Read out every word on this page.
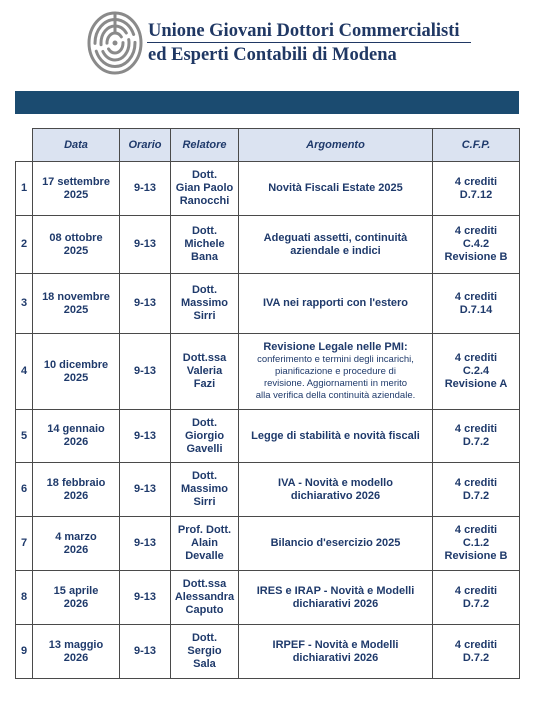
Unione Giovani Dottori Commercialisti
ed Esperti Contabili di Modena
	Data	Orario	Relatore	Argomento	C.F.P.
1	17 settembre
2025	9-13	Dott.
Gian Paolo
Ranocchi	Novità Fiscali Estate 2025	4 crediti
D.7.12

2	08 ottobre
2025	9-13	Dott.
Michele
Bana	Adeguati assetti, continuità
aziendale e indici	4 crediti
C.4.2
Revisione B

3	18 novembre
2025	9-13	Dott.
Massimo
Sirri	IVA nei rapporti con l'estero	4 crediti
D.7.14

4	10 dicembre
2025	9-13	Dott.ssa
Valeria
Fazi	Revisione Legale nelle PMI:
conferimento e termini degli incarichi,
pianificazione e procedure di
revisione. Aggiornamenti in merito
alla verifica della continuità aziendale.	4 crediti
C.2.4
Revisione A

5	14 gennaio
2026	9-13	Dott.
Giorgio
Gavelli	Legge di stabilità e novità fiscali	4 crediti
D.7.2

6	18 febbraio
2026	9-13	Dott.
Massimo
Sirri	IVA - Novità e modello
dichiarativo 2026	4 crediti
D.7.2

7	4 marzo
2026	9-13	Prof. Dott.
Alain
Devalle	Bilancio d'esercizio 2025	4 crediti
C.1.2
Revisione B

8	15 aprile
2026	9-13	Dott.ssa
Alessandra
Caputo	IRES e IRAP - Novità e Modelli
dichiarativi 2026	4 crediti
D.7.2

9	13 maggio
2026	9-13	Dott.
Sergio
Sala	IRPEF - Novità e Modelli
dichiarativi 2026	4 crediti
D.7.2
